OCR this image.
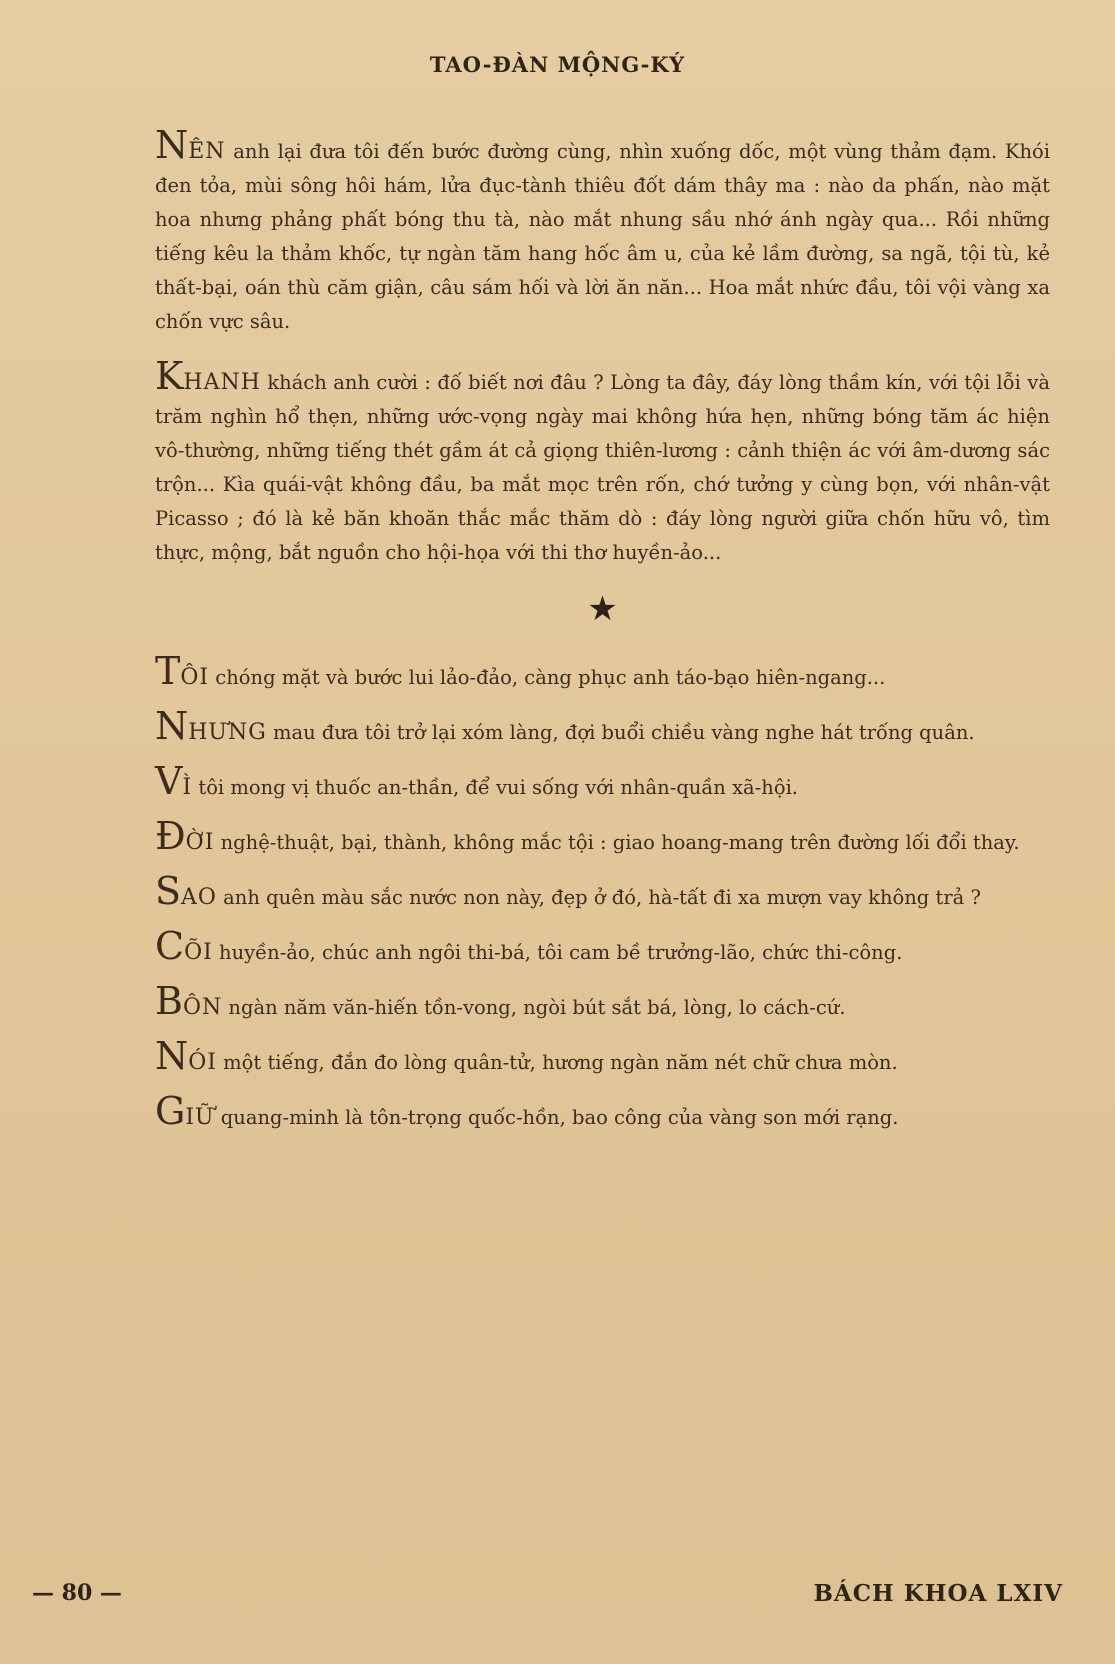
TAO-ĐÀN MỘNG-KÝ

NÊN anh lại đưa tôi đến bước đường cùng, nhìn xuống dốc, một vùng thảm đạm. Khói đen tỏa, mùi sông hôi hám, lửa đục-tành thiêu đốt dám thây ma : nào da phấn, nào mặt hoa nhưng phảng phất bóng thu tà, nào mắt nhung sầu nhớ ánh ngày qua... Rồi những tiếng kêu la thảm khốc, tự ngàn tăm hang hốc âm u, của kẻ lầm đường, sa ngã, tội tù, kẻ thất-bại, oán thù căm giận, câu sám hối và lời ăn năn... Hoa mắt nhức đầu, tôi vội vàng xa chốn vực sâu.

KHANH khách anh cười : đố biết nơi đâu ? Lòng ta đây, đáy lòng thầm kín, với tội lỗi và trăm nghìn hổ thẹn, những ước-vọng ngày mai không hứa hẹn, những bóng tăm ác hiện vô-thường, những tiếng thét gầm át cả giọng thiên-lương : cảnh thiện ác với âm-dương sác trộn... Kìa quái-vật không đầu, ba mắt mọc trên rốn, chớ tưởng y cùng bọn, với nhân-vật Picasso ; đó là kẻ băn khoăn thắc mắc thăm dò : đáy lòng người giữa chốn hữu vô, tìm thực, mộng, bắt nguồn cho hội-họa với thi thơ huyền-ảo...

★

TÔI chóng mặt và bước lui lảo-đảo, càng phục anh táo-bạo hiên-ngang...

NHƯNG mau đưa tôi trở lại xóm làng, đợi buổi chiều vàng nghe hát trống quân.

VÌ tôi mong vị thuốc an-thần, để vui sống với nhân-quần xã-hội.

ĐỜI nghệ-thuật, bại, thành, không mắc tội : giao hoang-mang trên đường lối đổi thay.

SAO anh quên màu sắc nước non này, đẹp ở đó, hà-tất đi xa mượn vay không trả ?

CÕI huyền-ảo, chúc anh ngôi thi-bá, tôi cam bề trưởng-lão, chức thi-công.

BÔN ngàn năm văn-hiến tồn-vong, ngòi bút sắt bá, lòng, lo cách-cứ.

NÓI một tiếng, đắn đo lòng quân-tử, hương ngàn năm nét chữ chưa mòn.

GIỮ quang-minh là tôn-trọng quốc-hồn, bao công của vàng son mới rạng.

— 80 —	BÁCH KHOA LXIV
